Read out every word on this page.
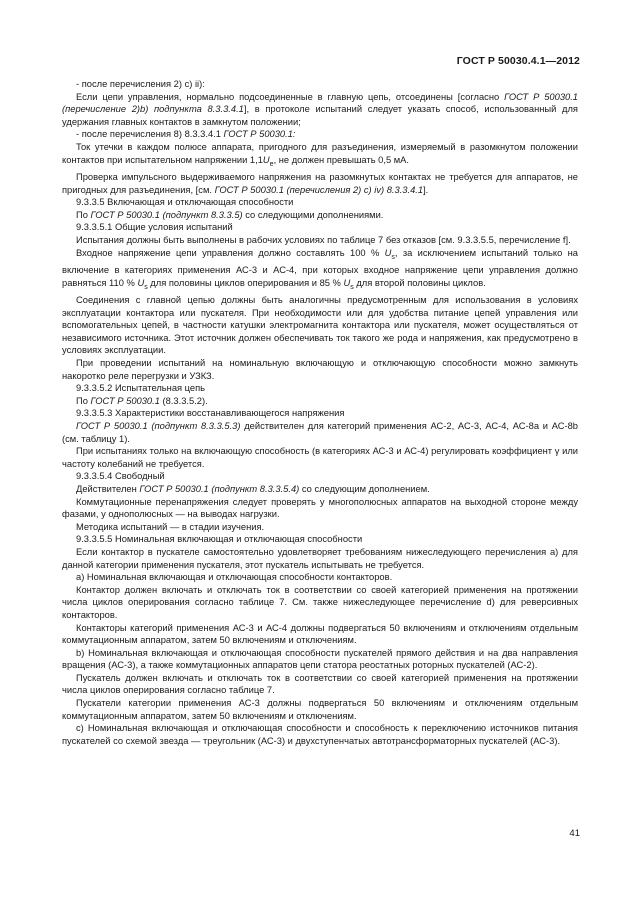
ГОСТ Р 50030.4.1—2012

- после перечисления 2) c) ii):

Если цепи управления, нормально подсоединенные в главную цепь, отсоединены [согласно ГОСТ Р 50030.1 (перечисление 2)b) подпункта 8.3.3.4.1], в протоколе испытаний следует указать способ, использованный для удержания главных контактов в замкнутом положении;

- после перечисления 8) 8.3.3.4.1 ГОСТ Р 50030.1:

Ток утечки в каждом полюсе аппарата, пригодного для разъединения, измеряемый в разомкнутом положении контактов при испытательном напряжении $1,1U_e$, не должен превышать 0,5 мА.

Проверка импульсного выдерживаемого напряжения на разомкнутых контактах не требуется для аппаратов, не пригодных для разъединения, [см. ГОСТ Р 50030.1 (перечисления 2) c) iv) 8.3.3.4.1].

9.3.3.5 Включающая и отключающая способности

По ГОСТ Р 50030.1 (подпункт 8.3.3.5) со следующими дополнениями.

9.3.3.5.1 Общие условия испытаний

Испытания должны быть выполнены в рабочих условиях по таблице 7 без отказов [см. 9.3.3.5.5, перечисление f].

Входное напряжение цепи управления должно составлять 100 % $U_s$, за исключением испытаний только на включение в категориях применения АС-3 и АС-4, при которых входное напряжение цепи управления должно равняться 110 % $U_s$ для половины циклов оперирования и 85 % $U_s$ для второй половины циклов.

Соединения с главной цепью должны быть аналогичны предусмотренным для использования в условиях эксплуатации контактора или пускателя. При необходимости или для удобства питание цепей управления или вспомогательных цепей, в частности катушки электромагнита контактора или пускателя, может осуществляться от независимого источника. Этот источник должен обеспечивать ток такого же рода и напряжения, как предусмотрено в условиях эксплуатации.

При проведении испытаний на номинальную включающую и отключающую способности можно замкнуть накоротко реле перегрузки и УЗКЗ.

9.3.3.5.2 Испытательная цепь

По ГОСТ Р 50030.1 (8.3.3.5.2).

9.3.3.5.3 Характеристики восстанавливающегося напряжения

ГОСТ Р 50030.1 (подпункт 8.3.3.5.3) действителен для категорий применения АС-2, АС-3, АС-4, АС-8а и АС-8b (см. таблицу 1).

При испытаниях только на включающую способность (в категориях АС-3 и АС-4) регулировать коэффициент γ или частоту колебаний не требуется.

9.3.3.5.4 Свободный

Действителен ГОСТ Р 50030.1 (подпункт 8.3.3.5.4) со следующим дополнением.

Коммутационные перенапряжения следует проверять у многополюсных аппаратов на выходной стороне между фазами, у однополюсных — на выводах нагрузки.

Методика испытаний — в стадии изучения.

9.3.3.5.5 Номинальная включающая и отключающая способности

Если контактор в пускателе самостоятельно удовлетворяет требованиям нижеследующего перечисления а) для данной категории применения пускателя, этот пускатель испытывать не требуется.

а) Номинальная включающая и отключающая способности контакторов.

Контактор должен включать и отключать ток в соответствии со своей категорией применения на протяжении числа циклов оперирования согласно таблице 7. См. также нижеследующее перечисление d) для реверсивных контакторов.

Контакторы категорий применения АС-3 и АС-4 должны подвергаться 50 включениям и отключениям отдельным коммутационным аппаратом, затем 50 включениям и отключениям.

b) Номинальная включающая и отключающая способности пускателей прямого действия и на два направления вращения (АС-3), а также коммутационных аппаратов цепи статора реостатных роторных пускателей (АС-2).

Пускатель должен включать и отключать ток в соответствии со своей категорией применения на протяжении числа циклов оперирования согласно таблице 7.

Пускатели категории применения АС-3 должны подвергаться 50 включениям и отключениям отдельным коммутационным аппаратом, затем 50 включениям и отключениям.

с) Номинальная включающая и отключающая способности и способность к переключению источников питания пускателей со схемой звезда — треугольник (АС-3) и двухступенчатых автотрансформаторных пускателей (АС-3).

41
